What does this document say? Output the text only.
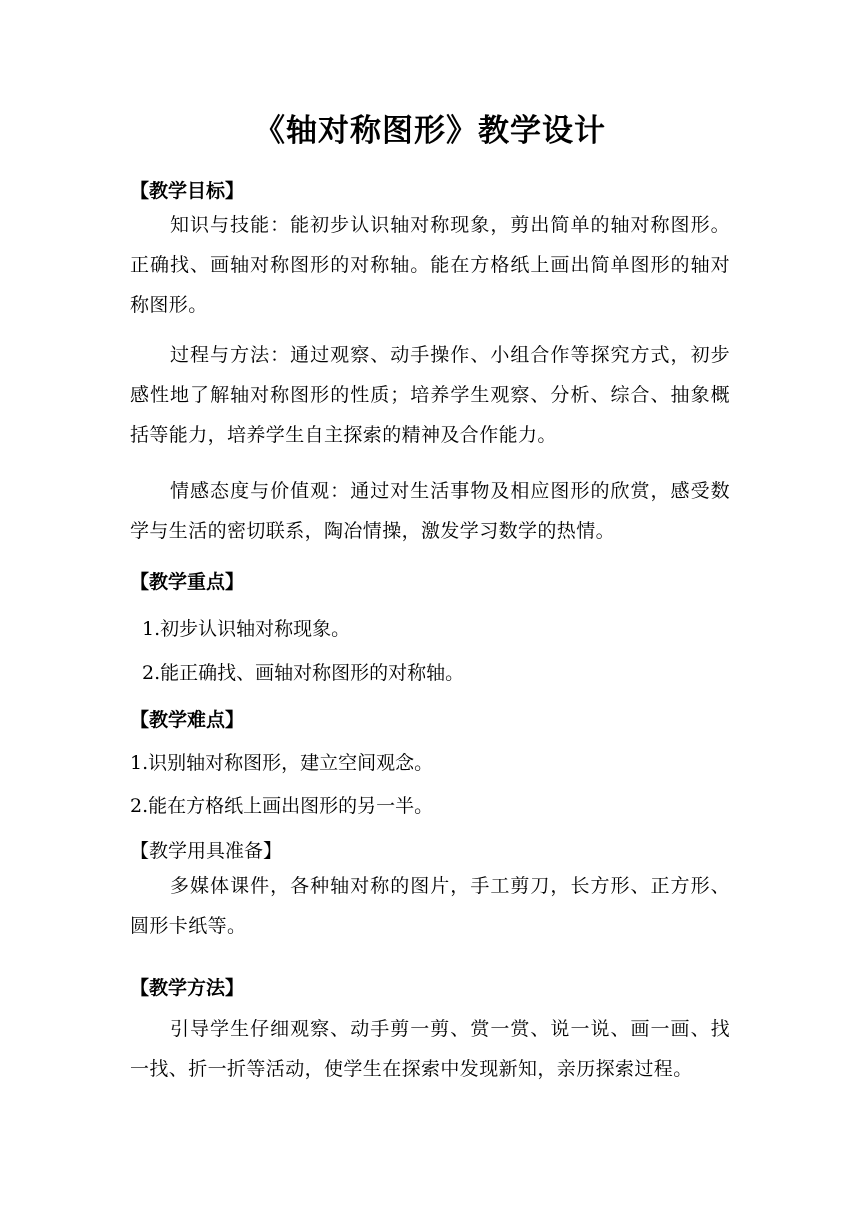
《轴对称图形》教学设计
【教学目标】
知识与技能：能初步认识轴对称现象，剪出简单的轴对称图形。正确找、画轴对称图形的对称轴。能在方格纸上画出简单图形的轴对称图形。
过程与方法：通过观察、动手操作、小组合作等探究方式，初步感性地了解轴对称图形的性质；培养学生观察、分析、综合、抽象概括等能力，培养学生自主探索的精神及合作能力。
情感态度与价值观：通过对生活事物及相应图形的欣赏，感受数学与生活的密切联系，陶冶情操，激发学习数学的热情。
【教学重点】
1.初步认识轴对称现象。
2.能正确找、画轴对称图形的对称轴。
【教学难点】
1.识别轴对称图形，建立空间观念。
2.能在方格纸上画出图形的另一半。
【教学用具准备】
多媒体课件，各种轴对称的图片，手工剪刀，长方形、正方形、圆形卡纸等。
【教学方法】
引导学生仔细观察、动手剪一剪、赏一赏、说一说、画一画、找一找、折一折等活动，使学生在探索中发现新知，亲历探索过程。
